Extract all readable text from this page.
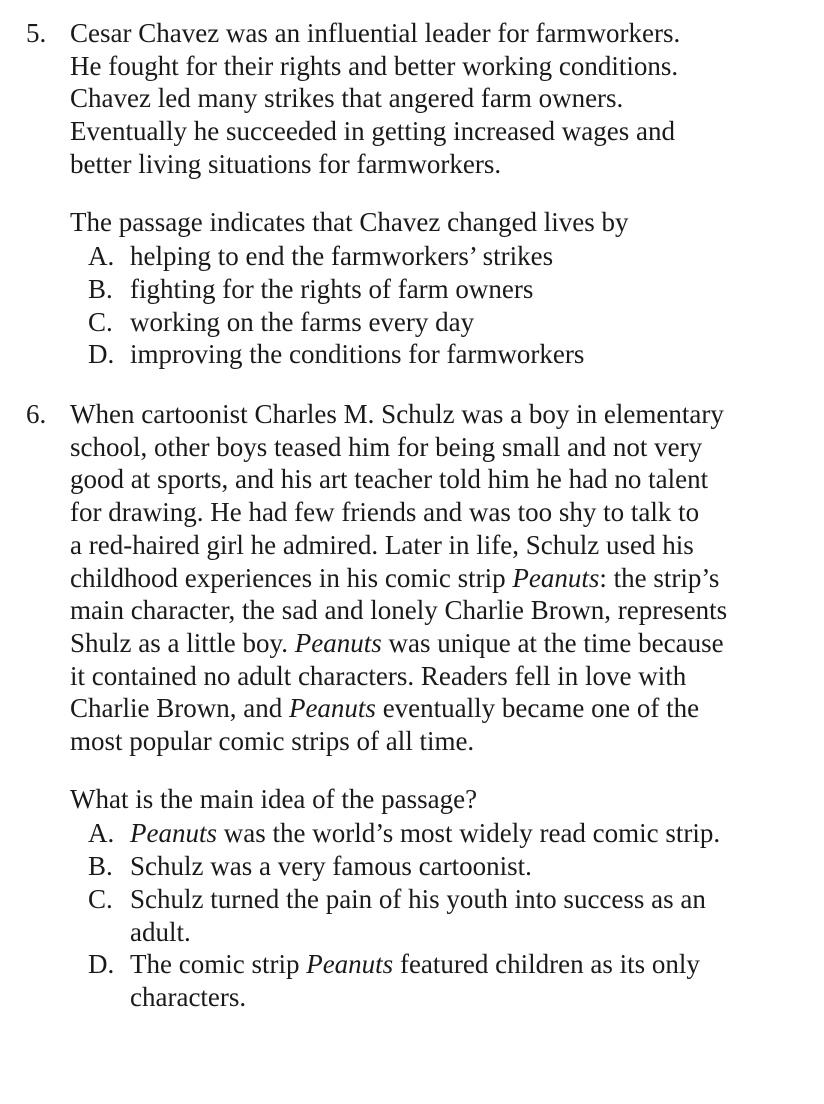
5. Cesar Chavez was an influential leader for farmworkers.
He fought for their rights and better working conditions.
Chavez led many strikes that angered farm owners.
Eventually he succeeded in getting increased wages and
better living situations for farmworkers.

The passage indicates that Chavez changed lives by

A. helping to end the farmworkers’ strikes
B. fighting for the rights of farm owners
C. working on the farms every day
D. improving the conditions for farmworkers
6. When cartoonist Charles M. Schulz was a boy in elementary
school, other boys teased him for being small and not very
good at sports, and his art teacher told him he had no talent
for drawing. He had few friends and was too shy to talk to
a red-haired girl he admired. Later in life, Schulz used his
childhood experiences in his comic strip Peanuts: the strip’s
main character, the sad and lonely Charlie Brown, represents
Shulz as a little boy. Peanuts was unique at the time because
it contained no adult characters. Readers fell in love with
Charlie Brown, and Peanuts eventually became one of the
most popular comic strips of all time.

What is the main idea of the passage?

A. Peanuts was the world’s most widely read comic strip.
B. Schulz was a very famous cartoonist.
C. Schulz turned the pain of his youth into success as an adult.
D. The comic strip Peanuts featured children as its only characters.
